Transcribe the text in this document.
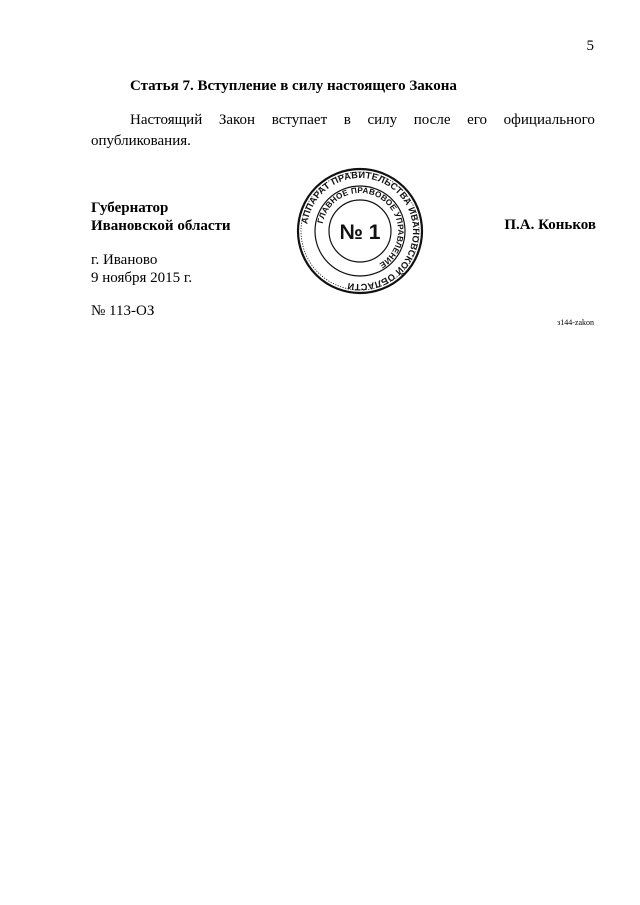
5
Статья 7. Вступление в силу настоящего Закона
Настоящий Закон вступает в силу после его официального
опубликования.
Губернатор
Ивановской области	АППАРАТ ПРАВИТЕЛЬСТВА ИВАНОВСКОЙ ОБЛАСТИ
ГЛАВНОЕ ПРАВОВОЕ УПРАВЛЕНИЕ
№ 1	П.А. Коньков
г. Иваново
9 ноября 2015 г.
№ 113-ОЗ
з144-zakon
